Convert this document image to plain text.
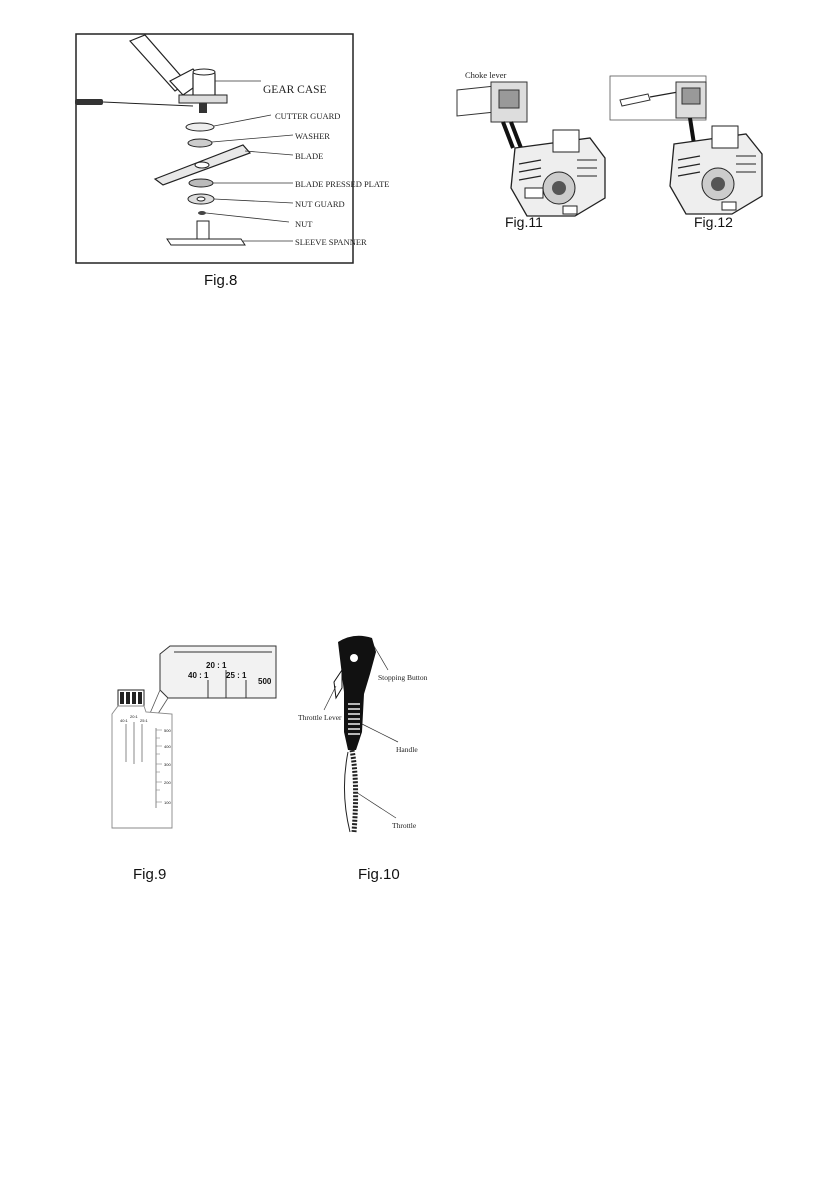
GEAR CASE
CUTTER GUARD
WASHER
BLADE
BLADE PRESSED PLATE
NUT GUARD
NUT
SLEEVE SPANNER
Fig.8
Choke lever
Fig.11	Fig.12
40 : 1
20 : 1
25 : 1
500
40:1
20:1
25:1
500
400
300
200
100
Fig.9
Stopping Button
Throttle Lever
Handle
Throttle
Fig.10
